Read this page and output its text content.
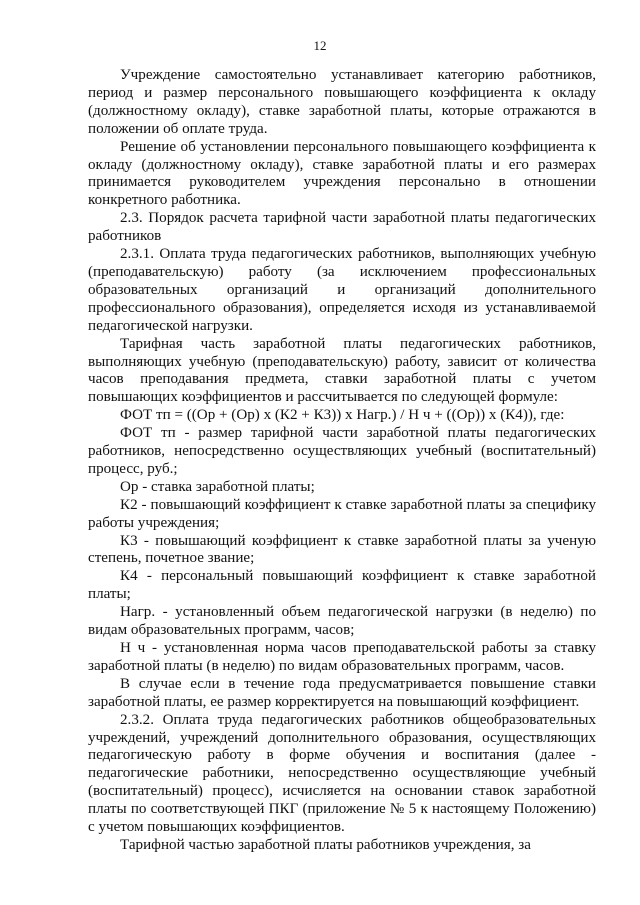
12

Учреждение самостоятельно устанавливает категорию работников, период и размер персонального повышающего коэффициента к окладу (должностному окладу), ставке заработной платы, которые отражаются в положении об оплате труда.

Решение об установлении персонального повышающего коэффициента к окладу (должностному окладу), ставке заработной платы и его размерах принимается руководителем учреждения персонально в отношении конкретного работника.

2.3. Порядок расчета тарифной части заработной платы педагогических работников

2.3.1. Оплата труда педагогических работников, выполняющих учебную (преподавательскую) работу (за исключением профессиональных образовательных организаций и организаций дополнительного профессионального образования), определяется исходя из устанавливаемой педагогической нагрузки.

Тарифная часть заработной платы педагогических работников, выполняющих учебную (преподавательскую) работу, зависит от количества часов преподавания предмета, ставки заработной платы с учетом повышающих коэффициентов и рассчитывается по следующей формуле:

ФОТ тп = ((Ор + (Ор) х (К2 + К3)) х Нагр.) / Н ч + ((Ор)) х (К4)), где:

ФОТ тп - размер тарифной части заработной платы педагогических работников, непосредственно осуществляющих учебный (воспитательный) процесс, руб.;

Ор - ставка заработной платы;

К2 - повышающий коэффициент к ставке заработной платы за специфику работы учреждения;

К3 - повышающий коэффициент к ставке заработной платы за ученую степень, почетное звание;

К4 - персональный повышающий коэффициент к ставке заработной платы;

Нагр. - установленный объем педагогической нагрузки (в неделю) по видам образовательных программ, часов;

Н ч - установленная норма часов преподавательской работы за ставку заработной платы (в неделю) по видам образовательных программ, часов.

В случае если в течение года предусматривается повышение ставки заработной платы, ее размер корректируется на повышающий коэффициент.

2.3.2. Оплата труда педагогических работников общеобразовательных учреждений, учреждений дополнительного образования, осуществляющих педагогическую работу в форме обучения и воспитания (далее - педагогические работники, непосредственно осуществляющие учебный (воспитательный) процесс), исчисляется на основании ставок заработной платы по соответствующей ПКГ (приложение № 5 к настоящему Положению) с учетом повышающих коэффициентов.

Тарифной частью заработной платы работников учреждения, за
